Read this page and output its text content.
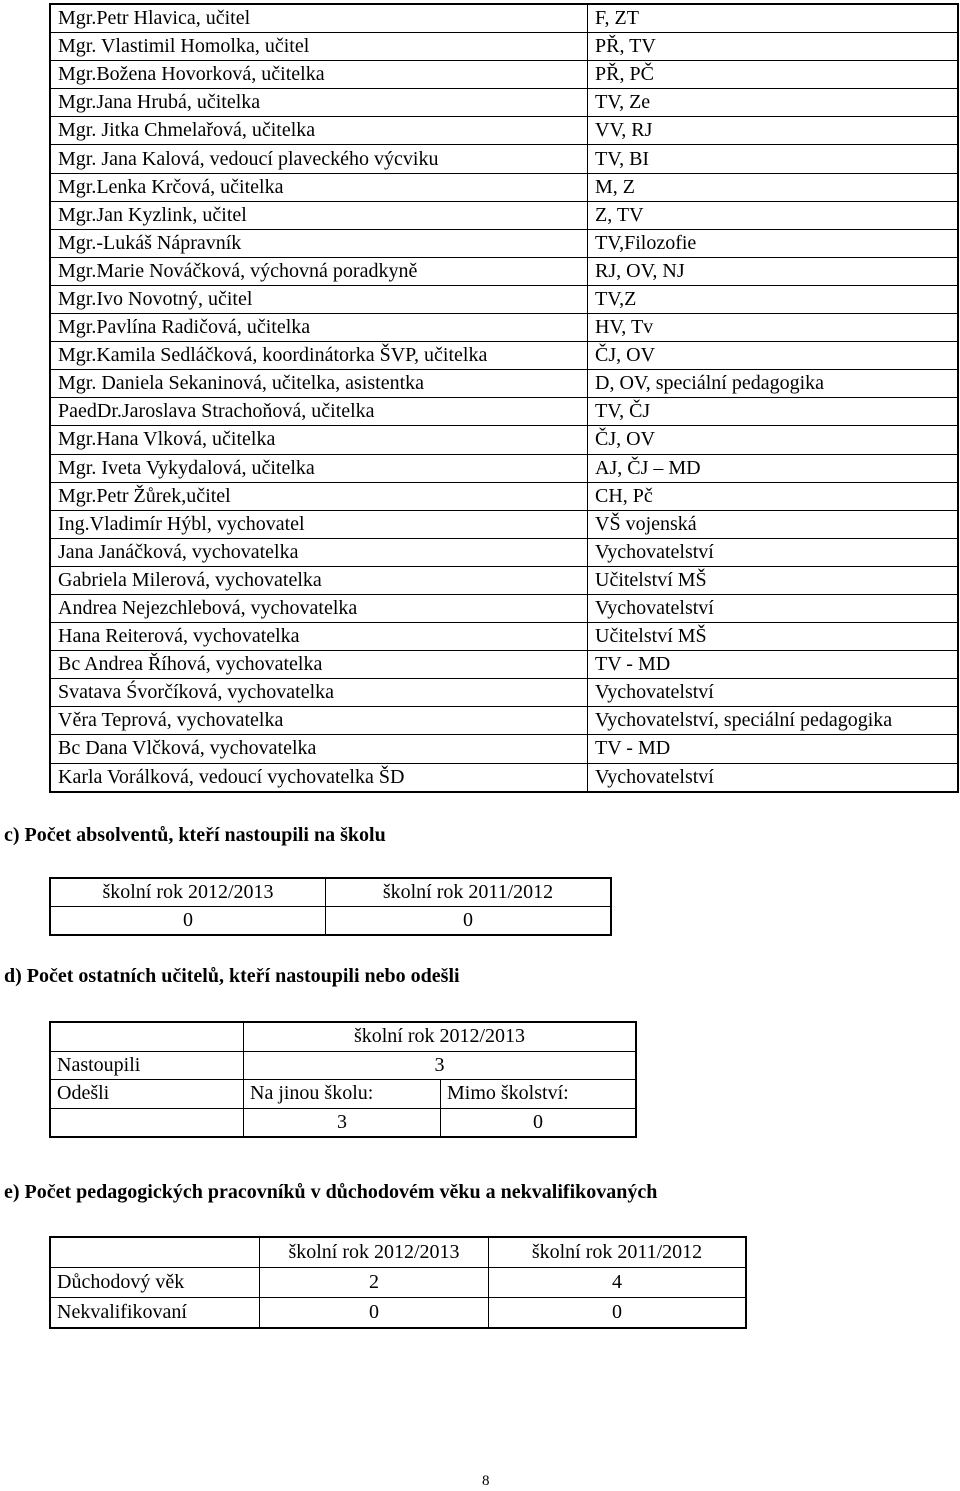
Mgr.Petr Hlavica, učitel	F, ZT
Mgr. Vlastimil Homolka, učitel	PŘ, TV
Mgr.Božena Hovorková, učitelka	PŘ, PČ
Mgr.Jana Hrubá, učitelka	TV, Ze
Mgr. Jitka Chmelařová, učitelka	VV, RJ
Mgr. Jana Kalová, vedoucí plaveckého výcviku	TV, BI
Mgr.Lenka Krčová, učitelka	M, Z
Mgr.Jan Kyzlink, učitel	Z, TV
Mgr.-Lukáš Nápravník	TV,Filozofie
Mgr.Marie Nováčková, výchovná poradkyně	RJ, OV, NJ
Mgr.Ivo Novotný, učitel	TV,Z
Mgr.Pavlína Radičová, učitelka	HV, Tv
Mgr.Kamila Sedláčková, koordinátorka ŠVP, učitelka	ČJ, OV
Mgr. Daniela Sekaninová, učitelka, asistentka	D, OV, speciální pedagogika
PaedDr.Jaroslava Strachoňová, učitelka	TV, ČJ
Mgr.Hana Vlková, učitelka	ČJ, OV
Mgr. Iveta Vykydalová, učitelka	AJ, ČJ – MD
Mgr.Petr Žůrek,učitel	CH, Pč
Ing.Vladimír Hýbl, vychovatel	VŠ vojenská
Jana Janáčková, vychovatelka	Vychovatelství
Gabriela Milerová, vychovatelka	Učitelství MŠ
Andrea Nejezchlebová, vychovatelka	Vychovatelství
Hana Reiterová, vychovatelka	Učitelství MŠ
Bc Andrea Říhová, vychovatelka	TV - MD
Svatava Śvorčíková, vychovatelka	Vychovatelství
Věra Teprová, vychovatelka	Vychovatelství, speciální pedagogika
Bc Dana Vlčková, vychovatelka	TV - MD
Karla Vorálková, vedoucí vychovatelka ŠD	Vychovatelství
c) Počet absolventů, kteří nastoupili na školu
školní rok 2012/2013	školní rok 2011/2012
0	0
d) Počet ostatních učitelů, kteří nastoupili nebo odešli
	školní rok 2012/2013	
Nastoupili	3	
Odešli	Na jinou školu:	Mimo školství:
	3	0
e) Počet pedagogických pracovníků v důchodovém věku a nekvalifikovaných
	školní rok 2012/2013	školní rok 2011/2012
Důchodový věk	2	4
Nekvalifikovaní	0	0
8
